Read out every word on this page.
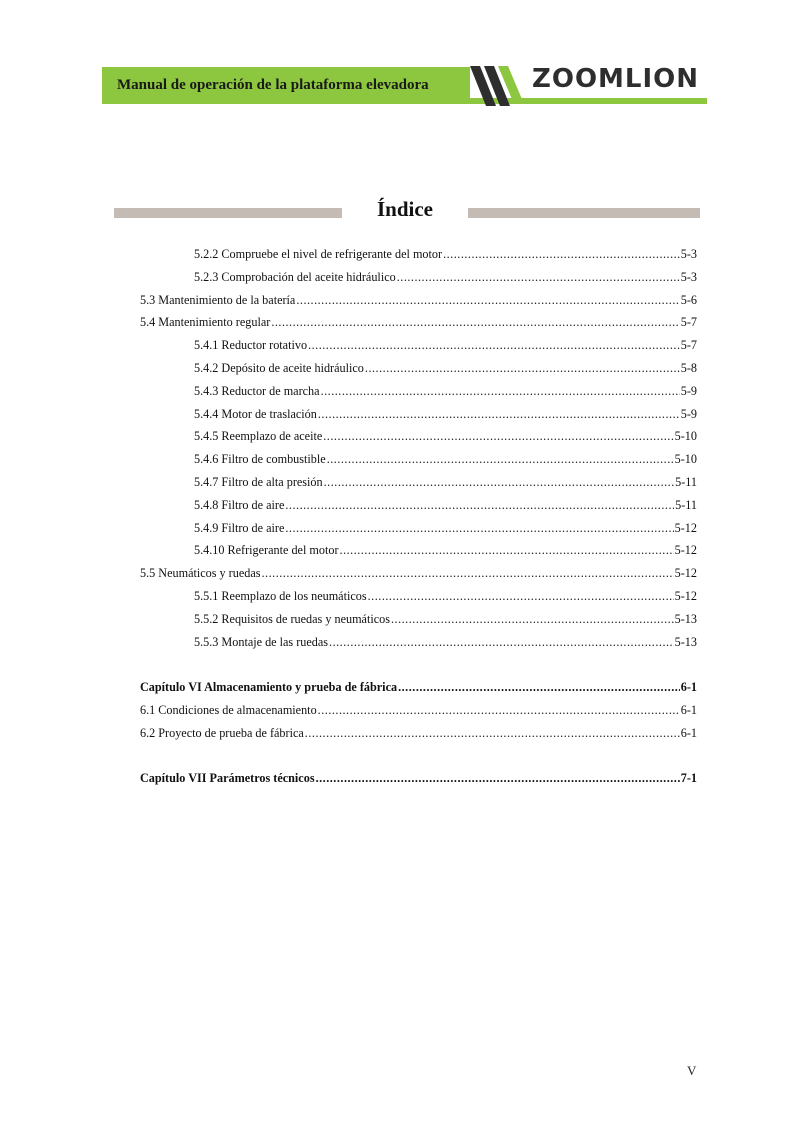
Manual de operación de la plataforma elevadora	ZOOMLION
Índice
5.2.2 Compruebe el nivel de refrigerante del motor .....	5-3
5.2.3 Comprobación del aceite hidráulico .....	5-3
5.3 Mantenimiento de la batería .....	5-6
5.4 Mantenimiento regular .....	5-7
5.4.1 Reductor rotativo .....	5-7
5.4.2 Depósito de aceite hidráulico .....	5-8
5.4.3 Reductor de marcha .....	5-9
5.4.4 Motor de traslación .....	5-9
5.4.5 Reemplazo de aceite .....	5-10
5.4.6 Filtro de combustible .....	5-10
5.4.7 Filtro de alta presión .....	5-11
5.4.8 Filtro de aire .....	5-11
5.4.9 Filtro de aire .....	5-12
5.4.10 Refrigerante del motor .....	5-12
5.5 Neumáticos y ruedas .....	5-12
5.5.1 Reemplazo de los neumáticos .....	5-12
5.5.2 Requisitos de ruedas y neumáticos .....	5-13
5.5.3 Montaje de las ruedas .....	5-13
Capítulo VI Almacenamiento y prueba de fábrica .....	6-1
6.1 Condiciones de almacenamiento .....	6-1
6.2 Proyecto de prueba de fábrica .....	6-1
Capítulo VII Parámetros técnicos .....	7-1
V
